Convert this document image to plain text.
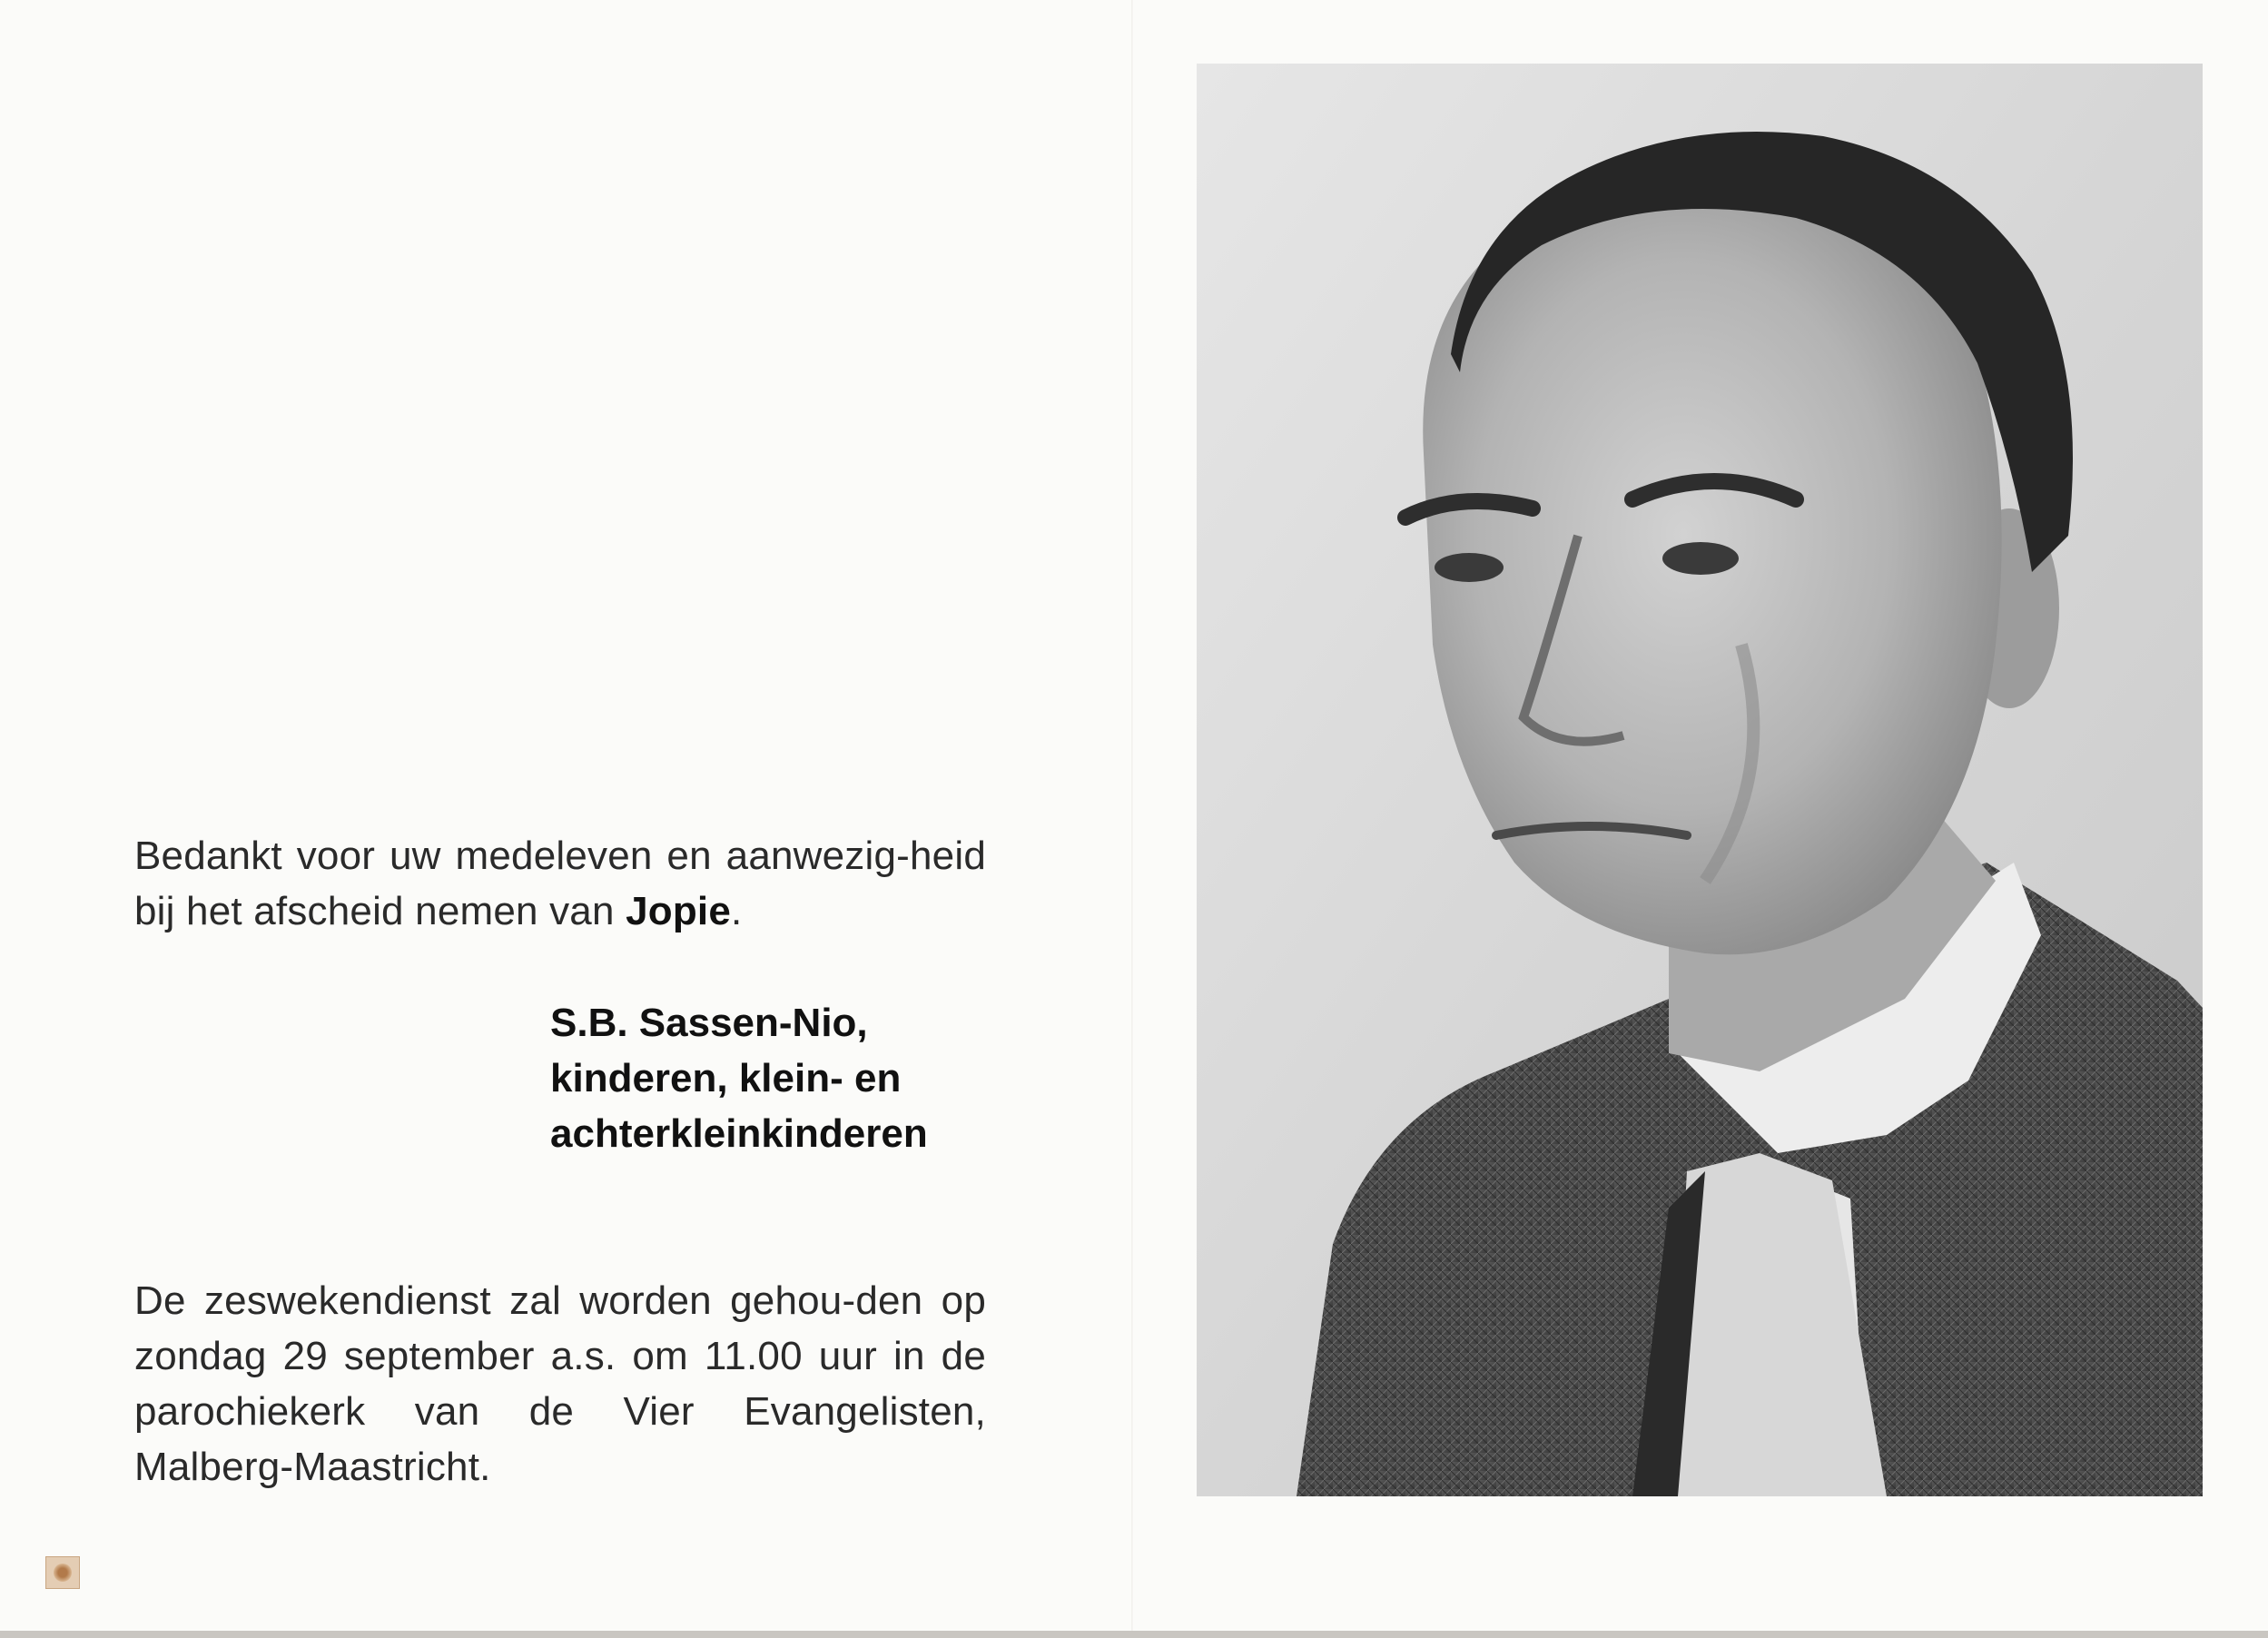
Bedankt voor uw medeleven en aanwezig-heid bij het afscheid nemen van Jopie.

S.B. Sassen-Nio,
kinderen, klein- en
achterkleinkinderen

De zeswekendienst zal worden gehou-den op zondag 29 september a.s. om 11.00 uur in de parochiekerk van de Vier Evangelisten, Malberg-Maastricht.
